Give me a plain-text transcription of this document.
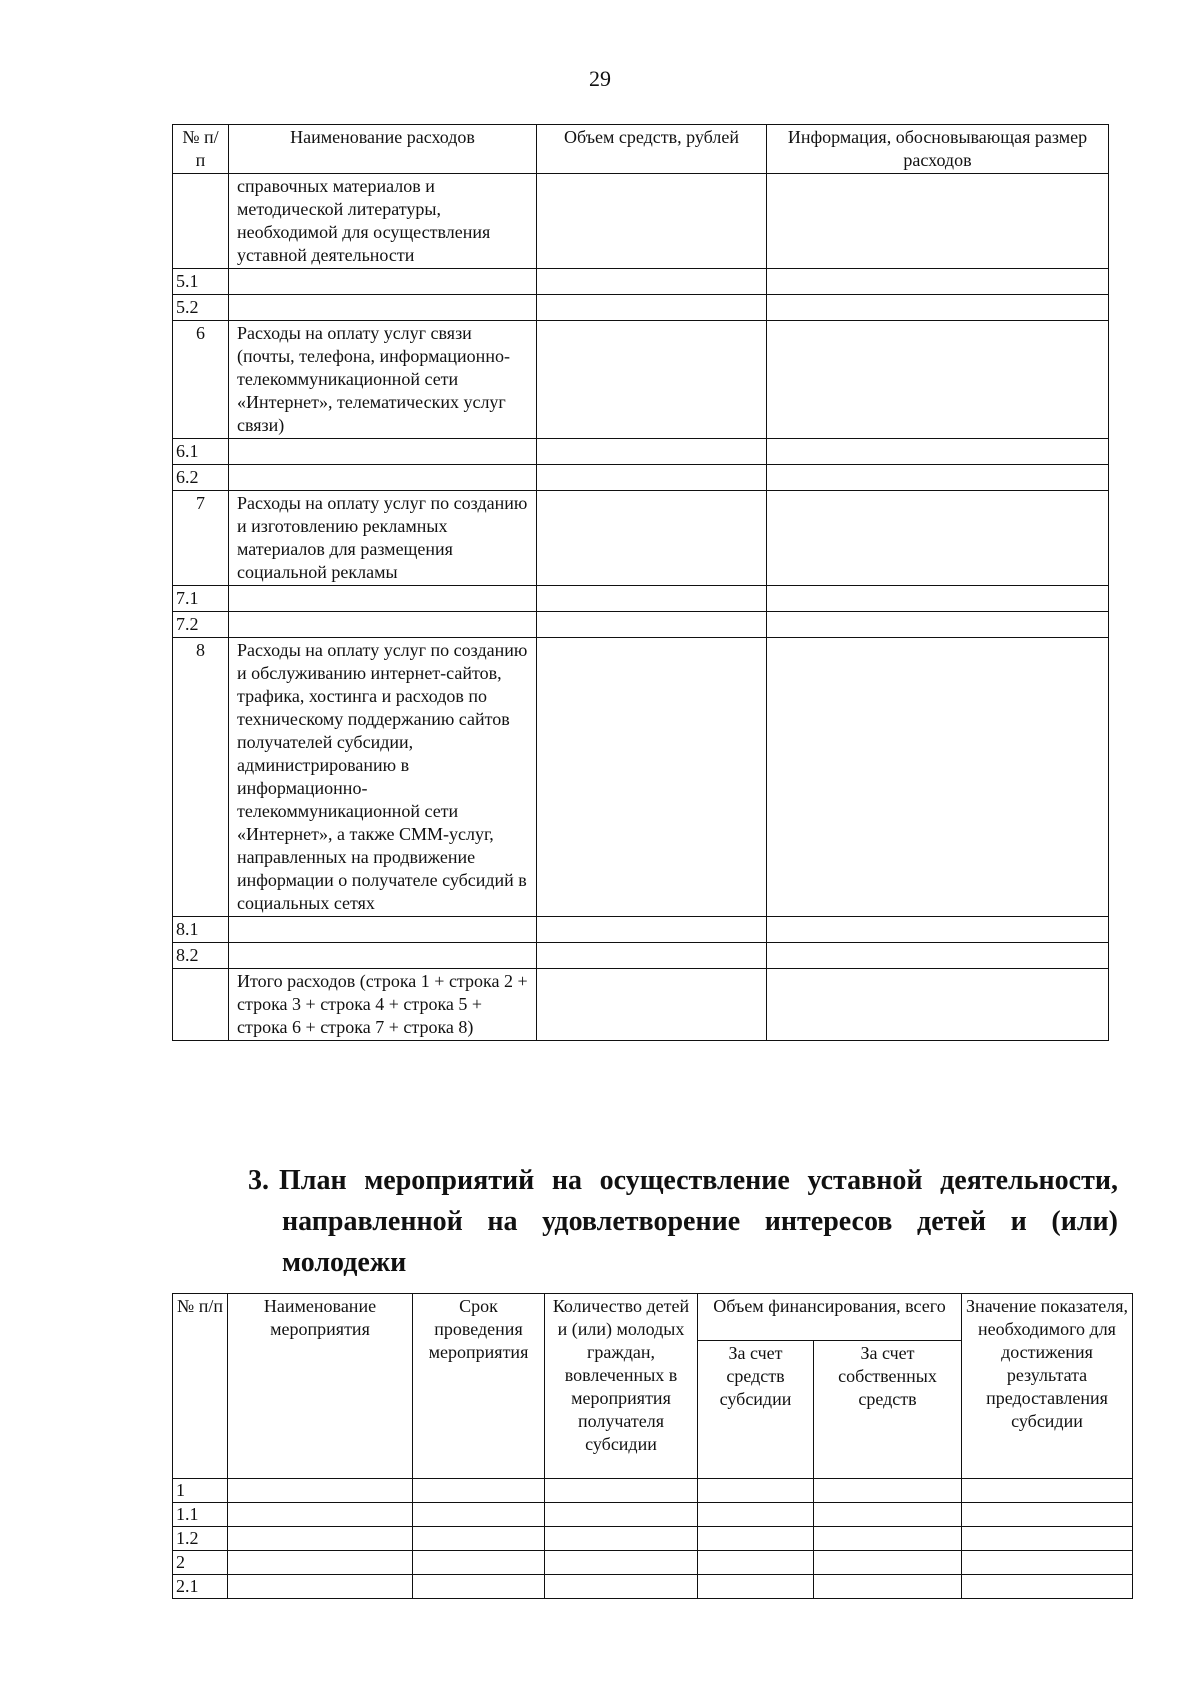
29
№ п/п	Наименование расходов	Объем средств, рублей	Информация, обосновывающая размер расходов
	справочных материалов и методической литературы, необходимой для осуществления уставной деятельности		
5.1			
5.2			
6	Расходы на оплату услуг связи (почты, телефона, информационно-телекоммуникационной сети «Интернет», телематических услуг связи)		
6.1			
6.2			
7	Расходы на оплату услуг по созданию и изготовлению рекламных материалов для размещения социальной рекламы		
7.1			
7.2			
8	Расходы на оплату услуг по созданию и обслуживанию интернет-сайтов, трафика, хостинга и расходов по техническому поддержанию сайтов получателей субсидии, администрированию в информационно-телекоммуникационной сети «Интернет», а также СММ-услуг, направленных на продвижение информации о получателе субсидий в социальных сетях		
8.1			
8.2			
	Итого расходов (строка 1 + строка 2 + строка 3 + строка 4 + строка 5 + строка 6 + строка 7 + строка 8)		
3. План мероприятий на осуществление уставной деятельности,
направленной на удовлетворение интересов детей и (или)
молодежи
№ п/п	Наименование мероприятия	Срок проведения мероприятия	Количество детей и (или) молодых граждан, вовлеченных в мероприятия получателя субсидии	Объем финансирования, всего		Значение показателя, необходимого для достижения результата предоставления субсидии
				За счет средств субсидии	За счет собственных средств	
1						
1.1						
1.2						
2						
2.1						
